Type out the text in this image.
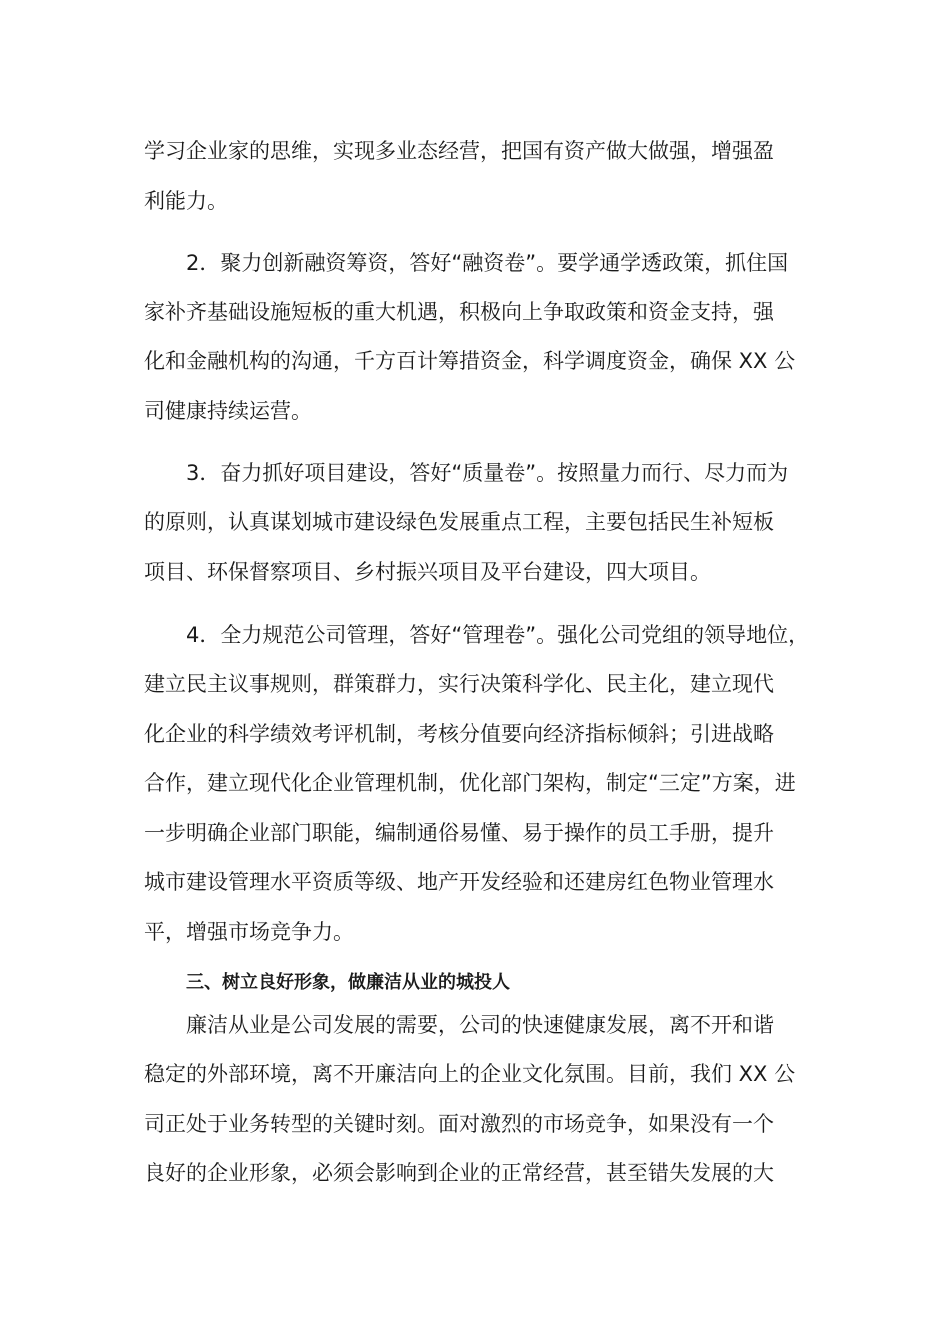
学习企业家的思维，实现多业态经营，把国有资产做大做强，增强盈
利能力。
2．聚力创新融资筹资，答好“融资卷”。要学通学透政策，抓住国
家补齐基础设施短板的重大机遇，积极向上争取政策和资金支持，强
化和金融机构的沟通，千方百计筹措资金，科学调度资金，确保 XX 公
司健康持续运营。
3．奋力抓好项目建设，答好“质量卷”。按照量力而行、尽力而为
的原则，认真谋划城市建设绿色发展重点工程，主要包括民生补短板
项目、环保督察项目、乡村振兴项目及平台建设，四大项目。
4．全力规范公司管理，答好“管理卷”。强化公司党组的领导地位，
建立民主议事规则，群策群力，实行决策科学化、民主化，建立现代
化企业的科学绩效考评机制，考核分值要向经济指标倾斜；引进战略
合作，建立现代化企业管理机制，优化部门架构，制定“三定”方案，进
一步明确企业部门职能，编制通俗易懂、易于操作的员工手册，提升
城市建设管理水平资质等级、地产开发经验和还建房红色物业管理水
平，增强市场竞争力。
三、树立良好形象，做廉洁从业的城投人
廉洁从业是公司发展的需要，公司的快速健康发展，离不开和谐
稳定的外部环境，离不开廉洁向上的企业文化氛围。目前，我们 XX 公
司正处于业务转型的关键时刻。面对激烈的市场竞争，如果没有一个
良好的企业形象，必须会影响到企业的正常经营，甚至错失发展的大
